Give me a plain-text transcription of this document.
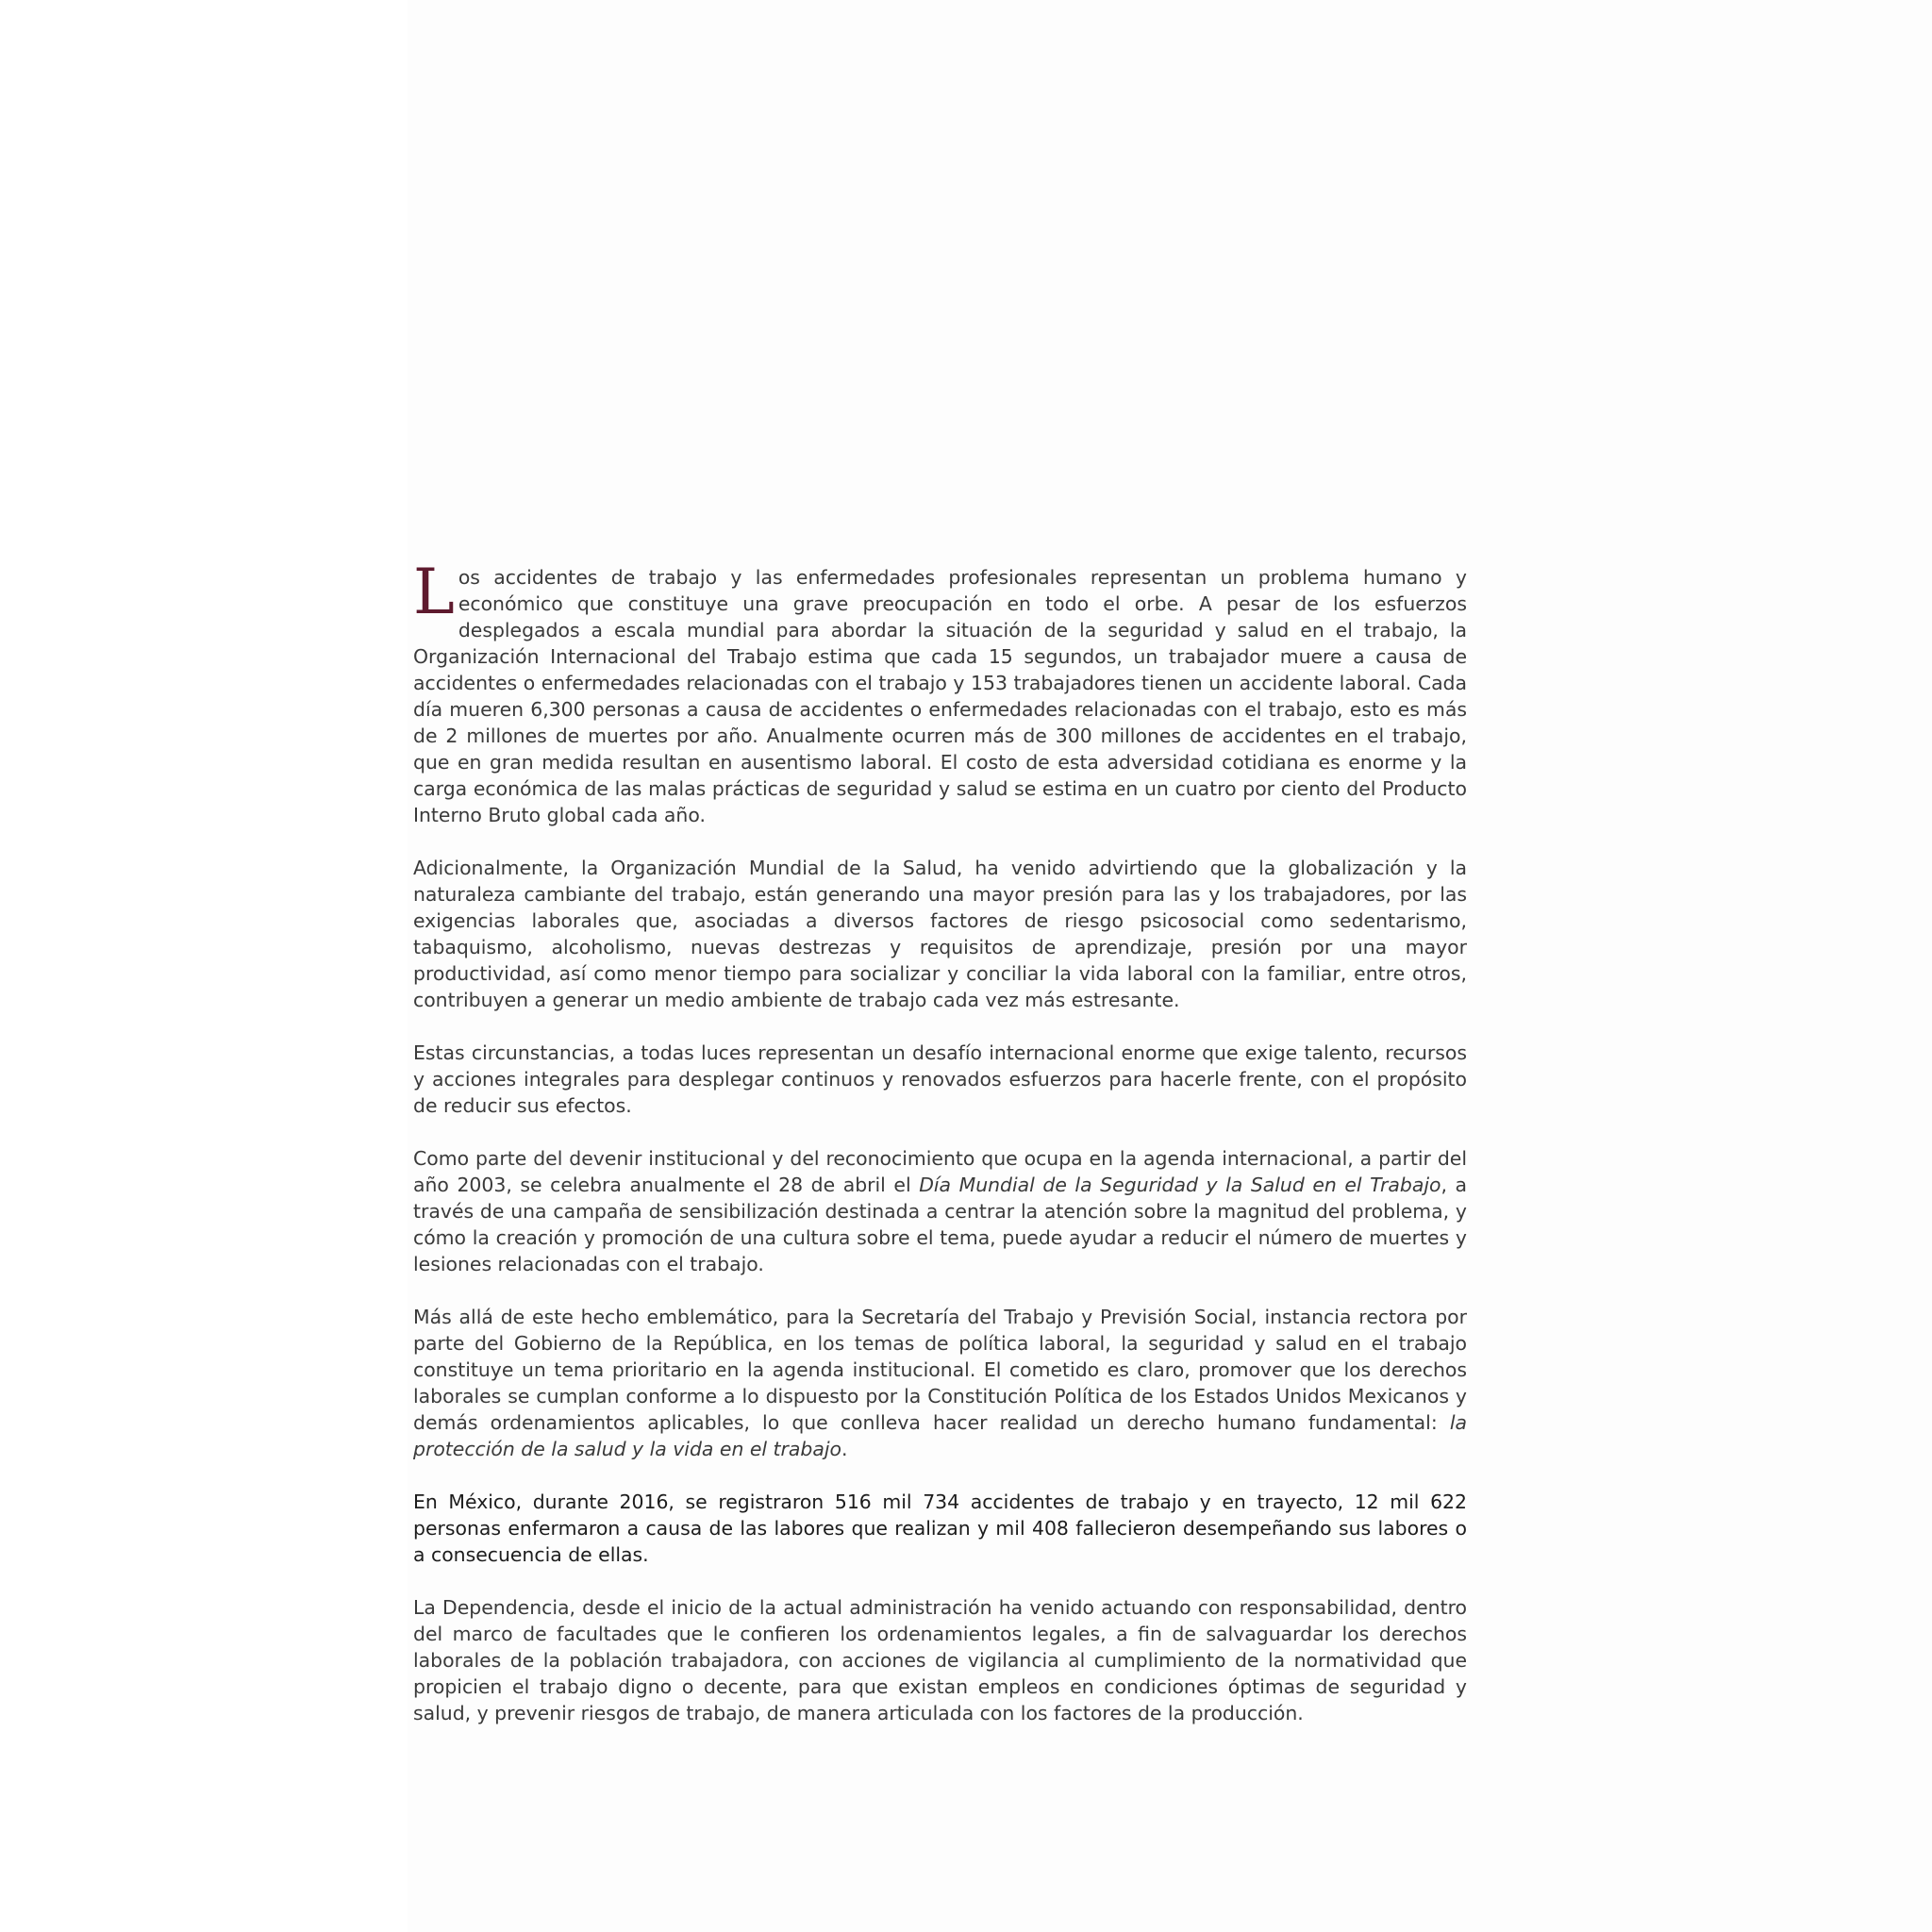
Los accidentes de trabajo y las enfermedades profesionales representan un problema humano y económico que constituye una grave preocupación en todo el orbe. A pesar de los esfuerzos desplegados a escala mundial para abordar la situación de la seguridad y salud en el trabajo, la Organización Internacional del Trabajo estima que cada 15 segundos, un trabajador muere a causa de accidentes o enfermedades relacionadas con el trabajo y 153 trabajadores tienen un accidente laboral. Cada día mueren 6,300 personas a causa de accidentes o enfermedades relacionadas con el trabajo, esto es más de 2 millones de muertes por año. Anualmente ocurren más de 300 millones de accidentes en el trabajo, que en gran medida resultan en ausentismo laboral. El costo de esta adversidad cotidiana es enorme y la carga económica de las malas prácticas de seguridad y salud se estima en un cuatro por ciento del Producto Interno Bruto global cada año.

Adicionalmente, la Organización Mundial de la Salud, ha venido advirtiendo que la globalización y la naturaleza cambiante del trabajo, están generando una mayor presión para las y los trabajadores, por las exigencias laborales que, asociadas a diversos factores de riesgo psicosocial como sedentarismo, tabaquismo, alcoholismo, nuevas destrezas y requisitos de aprendizaje, presión por una mayor productividad, así como menor tiempo para socializar y conciliar la vida laboral con la familiar, entre otros, contribuyen a generar un medio ambiente de trabajo cada vez más estresante.

Estas circunstancias, a todas luces representan un desafío internacional enorme que exige talento, recursos y acciones integrales para desplegar continuos y renovados esfuerzos para hacerle frente, con el propósito de reducir sus efectos.

Como parte del devenir institucional y del reconocimiento que ocupa en la agenda internacional, a partir del año 2003, se celebra anualmente el 28 de abril el Día Mundial de la Seguridad y la Salud en el Trabajo, a través de una campaña de sensibilización destinada a centrar la atención sobre la magnitud del problema, y cómo la creación y promoción de una cultura sobre el tema, puede ayudar a reducir el número de muertes y lesiones relacionadas con el trabajo.

Más allá de este hecho emblemático, para la Secretaría del Trabajo y Previsión Social, instancia rectora por parte del Gobierno de la República, en los temas de política laboral, la seguridad y salud en el trabajo constituye un tema prioritario en la agenda institucional. El cometido es claro, promover que los derechos laborales se cumplan conforme a lo dispuesto por la Constitución Política de los Estados Unidos Mexicanos y demás ordenamientos aplicables, lo que conlleva hacer realidad un derecho humano fundamental: la protección de la salud y la vida en el trabajo.

En México, durante 2016, se registraron 516 mil 734 accidentes de trabajo y en trayecto, 12 mil 622 personas enfermaron a causa de las labores que realizan y mil 408 fallecieron desempeñando sus labores o a consecuencia de ellas.

La Dependencia, desde el inicio de la actual administración ha venido actuando con responsabilidad, dentro del marco de facultades que le confieren los ordenamientos legales, a fin de salvaguardar los derechos laborales de la población trabajadora, con acciones de vigilancia al cumplimiento de la normatividad que propicien el trabajo digno o decente, para que existan empleos en condiciones óptimas de seguridad y salud, y prevenir riesgos de trabajo, de manera articulada con los factores de la producción.
